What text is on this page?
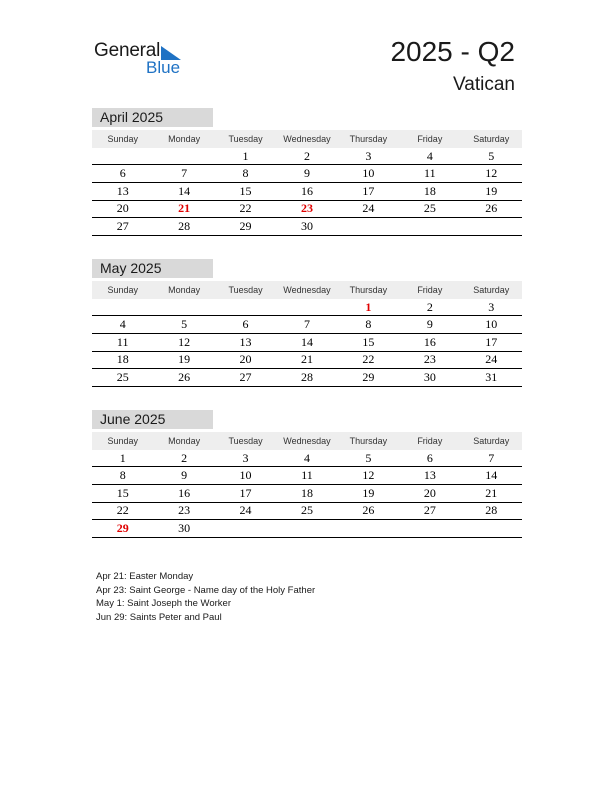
General
Blue
2025 - Q2
Vatican
April 2025
Sunday	Monday	Tuesday	Wednesday	Thursday	Friday	Saturday
		1	2	3	4	5
6	7	8	9	10	11	12
13	14	15	16	17	18	19
20	21	22	23	24	25	26
27	28	29	30			
May 2025
Sunday	Monday	Tuesday	Wednesday	Thursday	Friday	Saturday
				1	2	3
4	5	6	7	8	9	10
11	12	13	14	15	16	17
18	19	20	21	22	23	24
25	26	27	28	29	30	31
June 2025
Sunday	Monday	Tuesday	Wednesday	Thursday	Friday	Saturday
1	2	3	4	5	6	7
8	9	10	11	12	13	14
15	16	17	18	19	20	21
22	23	24	25	26	27	28
29	30					
Apr 21: Easter Monday
Apr 23: Saint George - Name day of the Holy Father
May 1: Saint Joseph the Worker
Jun 29: Saints Peter and Paul
